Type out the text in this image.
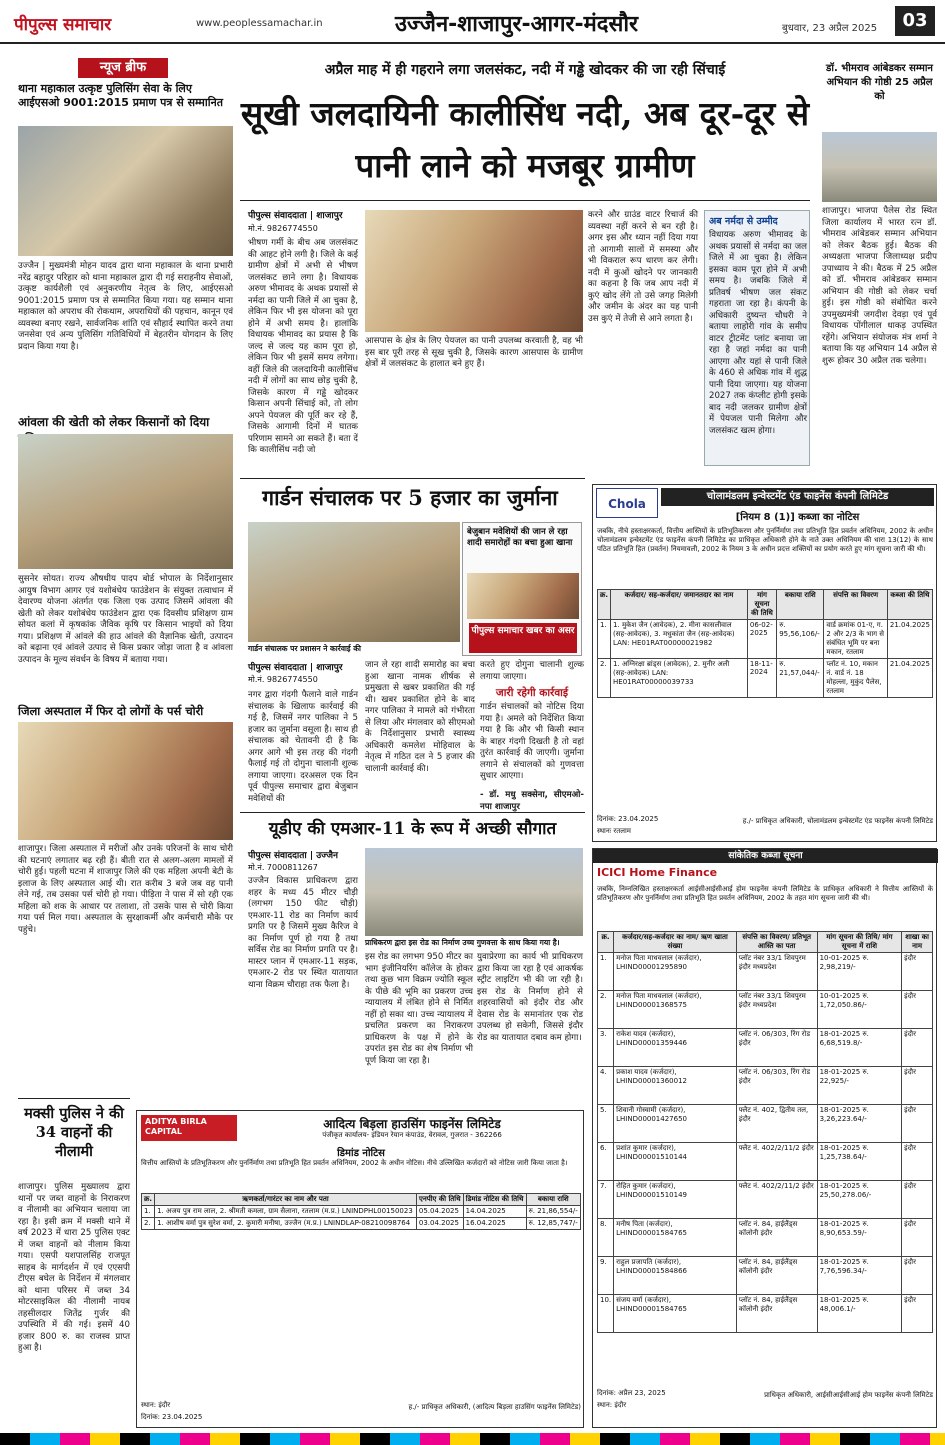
पीपुल्स समाचार	www.peoplessamachar.in	उज्जैन-शाजापुर-आगर-मंदसौर	बुधवार, 23 अप्रैल 2025	03
न्यूज ब्रीफ
थाना महाकाल उत्कृष्ट पुलिसिंग सेवा के लिए आईएसओ 9001:2015 प्रमाण पत्र से सम्मानित
उज्जैन | मुख्यमंत्री मोहन यादव द्वारा थाना महाकाल के थाना प्रभारी नरेंद्र बहादुर परिहार को थाना महाकाल द्वारा दी गई सराहनीय सेवाओं, उत्कृष्ट कार्यशैली एवं अनुकरणीय नेतृत्व के लिए, आईएसओ 9001:2015 प्रमाण पत्र से सम्मानित किया गया। यह सम्मान थाना महाकाल को अपराध की रोकथाम, अपराधियों की पहचान, कानून एवं व्यवस्था बनाए रखने, सार्वजनिक शांति एवं सौहार्द स्थापित करने तथा जनसेवा एवं अन्य पुलिसिंग गतिविधियों में बेहतरीन योगदान के लिए प्रदान किया गया है।
आंवला की खेती को लेकर किसानों को दिया
सुसनेर सोयत। राज्य औषधीय पादप बोर्ड भोपाल के निर्देशानुसार आयुष विभाग आगर एवं यशोबंधेय फाउंडेशन के संयुक्त तत्वाधान में देवारण्य योजना अंतर्गत एक जिला एक उत्पाद जिसमें आंवला की खेती को लेकर यशोबंधेय फाउंडेशन द्वारा एक दिवसीय प्रशिक्षण ग्राम सोयत कलां में कृषकांक जैविक कृषि पर किसान भाइयों को दिया गया। प्रशिक्षण में आंवले की हाउ आंवले की वैज्ञानिक खेती, उत्पादन को बढ़ाना एवं आंवले उत्पाद से किस प्रकार जोड़ा जाता है व आंवला उत्पादन के मूल्य संवर्धन के विषय में बताया गया।
जिला अस्पताल में फिर दो लोगों के पर्स चोरी
अप्रैल माह में ही गहराने लगा जलसंकट, नदी में गड्ढे खोदकर की जा रही सिंचाई
सूखी जलदायिनी कालीसिंध नदी, अब दूर-दूर से पानी लाने को मजबूर ग्रामीण
पीपुल्स संवाददाता | शाजापुर
मो.नं. 9826774550
भीषण गर्मी के बीच अब जलसंकट की आहट होने लगी है। जिले के कई ग्रामीण क्षेत्रों में अभी से भीषण जलसंकट छाने लगा है। विधायक अरुण भीमावद के अथक प्रयासों से नर्मदा का पानी जिले में आ चुका है, लेकिन फिर भी इस योजना को पूरा होने में अभी समय है। हालांकि विधायक भीमावद का प्रयास है कि जल्द से जल्द यह काम पूरा हो, लेकिन फिर भी इसमें समय लगेगा। वहीं जिले की जलदायिनी कालीसिंध नदी में लोगों का साथ छोड़ चुकी है, जिसके कारण में गड्ढे खोदकर किसान अपनी सिंचाई को, तो लोग अपने पेयजल की पूर्ति कर रहे हैं, जिसके आगामी दिनों में घातक परिणाम सामने आ सकते हैं। बता दें कि कालीसिंध नदी जो
आसपास के क्षेत्र के लिए पेयजल का पानी उपलब्ध करवाती है, वह भी इस बार पूरी तरह से सूख चुकी है, जिसके कारण आसपास के ग्रामीण क्षेत्रों में जलसंकट के हालात बने हुए हैं।
करने और ग्राउंड वाटर रिचार्ज की व्यवस्था नहीं करने से बन रही है। अगर इस और ध्यान नहीं दिया गया तो आगामी सालों में समस्या और भी विकराल रूप धारण कर लेगी। नदी में कुओं खोदने पर जानकारी का कहना है कि जब आप नदी में कुएं खोद लेंगे तो उसे जगह मिलेगी और जमीन के अंदर का यह पानी उस कुएं में तेजी से आने लगता है।
अब नर्मदा से उम्मीद
विधायक अरुण भीमावद के अथक प्रयासों से नर्मदा का जल जिले में आ चुका है। लेकिन इसका काम पूरा होने में अभी समय है। जबकि जिले में प्रतिवर्ष भीषण जल संकट गहराता जा रहा है। कंपनी के अधिकारी दुष्यन्त चौधरी ने बताया लाहोरी गांव के समीप वाटर ट्रीटमेंट प्लांट बनाया जा रहा है जहां नर्मदा का पानी आएगा और यहां से पानी जिले के 460 से अधिक गांव में शुद्ध पानी दिया जाएगा। यह योजना 2027 तक कंप्लीट होगी इसके बाद नदी जलकर ग्रामीण क्षेत्रों में पेयजल पानी मिलेगा और जलसंकट खत्म होगा।
डॉ. भीमराव आंबेडकर सम्मान अभियान की गोष्ठी 25 अप्रैल को
शाजापुर। भाजपा पैलेस रोड स्थित जिला कार्यालय में भारत रत्न डॉ. भीमराव आंबेडकर सम्मान अभियान को लेकर बैठक हुई। बैठक की अध्यक्षता भाजपा जिलाध्यक्ष प्रदीप उपाध्याय ने की। बैठक में 25 अप्रैल को डॉ. भीमराव आंबेडकर सम्मान अभियान की गोष्ठी को लेकर चर्चा हुई। इस गोष्ठी को संबोधित करने उपमुख्यमंत्री जगदीश देवड़ा एवं पूर्व विधायक पोंगीलाल धाकड़ उपस्थित रहेंगे। अभियान संयोजक मंत्र शर्मा ने बताया कि यह अभियान 14 अप्रैल से शुरू होकर 30 अप्रैल तक चलेगा।
गार्डन संचालक पर 5 हजार का जुर्माना
गार्डन संचालक पर प्रशासन ने कार्रवाई की
बेजुबान मवेशियों की जान ले रहा शादी समारोहों का बचा हुआ खाना
पीपुल्स समाचार खबर का असर
पीपुल्स संवाददाता | शाजापुर
मो.नं. 9826774550
नगर द्वारा गंदगी फैलाने वाले गार्डन संचालक के खिलाफ कार्रवाई की गई है, जिसमें नगर पालिका ने 5 हजार का जुर्माना वसूला है। साथ ही संचालक को चेतावनी दी है कि अगर आगे भी इस तरह की गंदगी फैलाई गई तो दोगुना चालानी शुल्क लगाया जाएगा। दरअसल एक दिन पूर्व पीपुल्स समाचार द्वारा बेजुबान मवेशियों की
जान ले रहा शादी समारोह का बचा हुआ खाना नामक शीर्षक से प्रमुखता से खबर प्रकाशित की गई थी। खबर प्रकाशित होने के बाद नगर पालिका ने मामले को गंभीरता से लिया और मंगलवार को सीएमओ के निर्देशानुसार प्रभारी स्वास्थ्य अधिकारी कमलेश मोहिवाल के नेतृत्व में गठित दल ने 5 हजार की चालानी कार्रवाई की।
करते हुए दोगुना चालानी शुल्क लगाया जाएगा।
जारी रहेगी कार्रवाई
गार्डन संचालकों को नोटिस दिया गया है। अमले को निर्देशित किया गया है कि और भी किसी स्थान के बाहर गंदगी दिखती है तो वहां तुरंत कार्रवाई की जाएगी। जुर्माना लगाने से संचालकों को गुणवत्ता सुधार आएगा।
- डॉ. मधु सक्सेना, सीएमओ-नपा शाजापुर
यूडीए की एमआर-11 के रूप में अच्छी सौगात
पीपुल्स संवाददाता | उज्जैन
मो.नं. 7000811267
उज्जैन विकास प्राधिकरण द्वारा शहर के मध्य 45 मीटर चौड़ी (लगभग 150 फीट चौड़ी) एमआर-11 रोड का निर्माण कार्य प्रगति पर है जिसमें मुख्य कैरिज वे का निर्माण पूर्ण हो गया है तथा सर्विस रोड का निर्माण प्रगति पर है। मास्टर प्लान में एमआर-11 सड़क, एमआर-2 रोड पर स्थित यातायात थाना विक्रम चौराहा तक फैला है।
प्राधिकरण द्वारा इस रोड का निर्माण उच्च गुणवत्ता के साथ किया गया है।
इस रोड का लगभग 950 मीटर का भाग इंजीनियरिंग कॉलेज के होकर तथा कुछ भाग विक्रम ज्योति स्कूल के पीछे की भूमि का प्रकरण उच्च न्यायालय में लंबित होने से निर्मित नहीं हो सका था। उच्च न्यायालय में प्रचलित प्रकरण का निराकरण प्राधिकरण के पक्ष में होने के उपरांत इस रोड का शेष निर्माण भी पूर्ण किया जा रहा है।
युवाप्रेरणा का कार्य भी प्राधिकरण द्वारा किया जा रहा है एवं आकर्षक स्ट्रीट लाइटिंग भी की जा रही है। इस रोड के निर्माण होने से शहरवासियों को इंदौर रोड और देवास रोड के समानांतर एक रोड उपलब्ध हो सकेगी, जिससे इंदौर रोड का यातायात दबाव कम होगा।
शाजापुर। जिला अस्पताल में मरीजों और उनके परिजनों के साथ चोरी की घटनाएं लगातार बढ़ रही हैं। बीती रात से अलग-अलग मामलों में चोरी हुई। पहली घटना में शाजापुर जिले की एक महिला अपनी बेटी के इलाज के लिए अस्पताल आई थी। रात करीब 3 बजे जब वह पानी लेने गई, तब उसका पर्स चोरी हो गया। पीड़िता ने पास में सो रही एक महिला को शक के आधार पर तलाशा, तो उसके पास से चोरी किया गया पर्स मिल गया। अस्पताल के सुरक्षाकर्मी और कर्मचारी मौके पर पहुंचे।
मक्सी पुलिस ने की 34 वाहनों की नीलामी
शाजापुर। पुलिस मुख्यालय द्वारा थानों पर जब्त वाहनों के निराकरण व नीलामी का अभियान चलाया जा रहा है। इसी क्रम में मक्सी थाने में वर्ष 2023 में धारा 25 पुलिस एक्ट में जब्त वाहनों को नीलाम किया गया। एसपी यशपालसिंह राजपूत साहब के मार्गदर्शन में एवं एएसपी टीएस बघेल के निर्देशन में मंगलवार को थाना परिसर में जब्त 34 मोटरसाइकिल की नीलामी नायब तहसीलदार जितेंद्र गुर्जर की उपस्थिति में की गई। इसमें 40 हजार 800 रु. का राजस्व प्राप्त हुआ है।
ADITYA BIRLA CAPITAL
आदित्य बिड़ला हाउसिंग फाइनेंस लिमिटेड
पंजीकृत कार्यालय- इंडियन रेयान कंपाउंड, वेरावल, गुजरात - 362266
डिमांड नोटिस
वित्तीय आस्तियों के प्रतिभूतिकरण और पुनर्निर्माण तथा प्रतिभूति हित प्रवर्तन अधिनियम, 2002 के अधीन नोटिस। नीचे उल्लिखित कर्जदारों को नोटिस जारी किया जाता है।
क्र.	ऋणकर्ता/गारंटर का नाम और पता	एनपीए की तिथि	डिमांड नोटिस की तिथि	बकाया राशि
1.	1. अजय पुत्र राम लाल, 2. श्रीमती कमला, ग्राम सैलाना, रतलाम (म.प्र.) LNINDPHL00150023	05.04.2025	14.04.2025	रु. 21,86,554/-
2.	1. आशीष वर्मा पुत्र सुरेश वर्मा, 2. कुमारी मनीषा, उज्जैन (म.प्र.) LNINDLAP-08210098764	03.04.2025	16.04.2025	रु. 12,85,747/-
स्थान: इंदौर
दिनांक: 23.04.2025
ह./- प्राधिकृत अधिकारी, (आदित्य बिड़ला हाउसिंग फाइनेंस लिमिटेड)
Chola
चोलामंडलम इन्वेस्टमेंट एंड फाइनेंस कंपनी लिमिटेड
[नियम 8 (1)] कब्जा का नोटिस
जबकि, नीचे हस्ताक्षरकर्ता, वित्तीय आस्तियों के प्रतिभूतिकरण और पुनर्निर्माण तथा प्रतिभूति हित प्रवर्तन अधिनियम, 2002 के अधीन चोलामंडलम इन्वेस्टमेंट एंड फाइनेंस कंपनी लिमिटेड का प्राधिकृत अधिकारी होने के नाते उक्त अधिनियम की धारा 13(12) के साथ पठित प्रतिभूति हित (प्रवर्तन) नियमावली, 2002 के नियम 3 के अधीन प्रदत्त शक्तियों का प्रयोग करते हुए मांग सूचना जारी की थी।
क्र.	कर्जदार/ सह-कर्जदार/ जमानतदार का नाम	मांग सूचना की तिथि	बकाया राशि	संपत्ति का विवरण	कब्जा की तिथि
1.	1. मुकेश जैन (आवेदक), 2. मीना कासलीवाल (सह-आवेदक), 3. मधुकांता जैन (सह-आवेदक) LAN: HE01RAT00000021982	06-02-2025	रु. 95,56,106/-	वार्ड क्रमांक 01-ए, ग. 2 और 2/3 के भाग से संबंधित भूमि पर बना मकान, रतलाम	21.04.2025
2.	1. अग्निरक्षा ब्रांड्स (आवेदक), 2. मुनीर अली (सह-आवेदक) LAN: HE01RAT00000039733	18-11-2024	रु. 21,57,044/-	प्लॉट नं. 10, मकान नं. वार्ड नं. 18 मोहल्ला, मुकुंद पैलेस, रतलाम	21.04.2025
दिनांक: 23.04.2025
स्थानः रतलाम
ह./- प्राधिकृत अधिकारी, चोलामंडलम इन्वेस्टमेंट एंड फाइनेंस कंपनी लिमिटेड
सांकेतिक कब्जा सूचना
ICICI Home Finance
जबकि, निम्नलिखित हस्ताक्षरकर्ता आईसीआईसीआई होम फाइनेंस कंपनी लिमिटेड के प्राधिकृत अधिकारी ने वित्तीय आस्तियों के प्रतिभूतिकरण और पुनर्निर्माण तथा प्रतिभूति हित प्रवर्तन अधिनियम, 2002 के तहत मांग सूचना जारी की थी।
क्र.	कर्जदार/सह-कर्जदार का नाम/ ऋण खाता संख्या	संपत्ति का विवरण/ प्रतिभूत आस्ति का पता	मांग सूचना की तिथि/ मांग सूचना में राशि	शाखा का नाम
1.	मनोज पिता माधवलाल (कर्जदार), LHIND00001295890	प्लॉट नंबर 33/1 शिवपुरम इंदौर मध्यप्रदेश	10-01-2025 रु. 2,98,219/-	इंदौर
2.	मनोज पिता माधवलाल (कर्जदार), LHIND00001368575	प्लॉट नंबर 33/1 शिवपुरम इंदौर मध्यप्रदेश	10-01-2025 रु. 1,72,050.86/-	इंदौर
3.	राकेश यादव (कर्जदार), LHIND00001359446	प्लॉट नं. 06/303, रिंग रोड इंदौर	18-01-2025 रु. 6,68,519.8/-	इंदौर
4.	प्रकाश यादव (कर्जदार), LHIND00001360012	प्लॉट नं. 06/303, रिंग रोड इंदौर	18-01-2025 रु. 22,925/-	इंदौर
5.	शिवानी गोस्वामी (कर्जदार), LHIND00001427650	फ्लैट नं. 402, द्वितीय तल, इंदौर	18-01-2025 रु. 3,26,223.64/-	इंदौर
6.	प्रशांत कुमार (कर्जदार), LHIND00001510144	फ्लैट नं. 402/2/11/2 इंदौर	18-01-2025 रु. 1,25,738.64/-	इंदौर
7.	रोहित कुमार (कर्जदार), LHIND00001510149	फ्लैट नं. 402/2/11/2 इंदौर	18-01-2025 रु. 25,50,278.06/-	इंदौर
8.	मनीष पिता (कर्जदार), LHIND00001584765	प्लॉट नं. 84, हाईलैंड्स कॉलोनी इंदौर	18-01-2025 रु. 8,90,653.59/-	इंदौर
9.	राहुल प्रजापति (कर्जदार), LHIND00001584866	प्लॉट नं. 84, हाईलैंड्स कॉलोनी इंदौर	18-01-2025 रु. 7,76,596.34/-	इंदौर
10.	संजय वर्मा (कर्जदार), LHIND00001584765	प्लॉट नं. 84, हाईलैंड्स कॉलोनी इंदौर	18-01-2025 रु. 48,006.1/-	इंदौर
दिनांक: अप्रैल 23, 2025
स्थान: इंदौर
प्राधिकृत अधिकारी, आईसीआईसीआई होम फाइनेंस कंपनी लिमिटेड
